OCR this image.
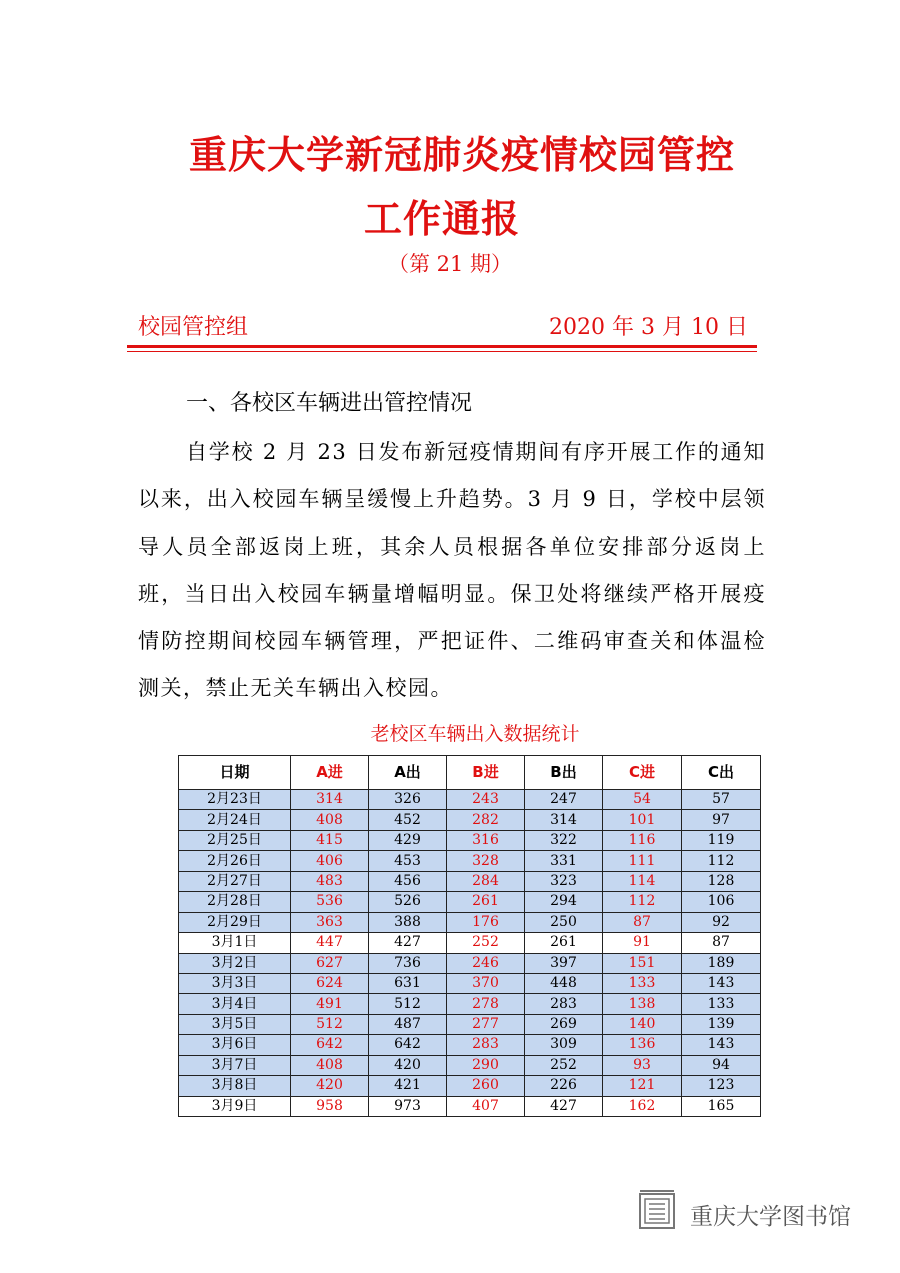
重庆大学新冠肺炎疫情校园管控
工作通报
（第 21 期）
校园管控组	2020 年 3 月 10 日
一、各校区车辆进出管控情况
自学校 2 月 23 日发布新冠疫情期间有序开展工作的通知以来，出入校园车辆呈缓慢上升趋势。3 月 9 日，学校中层领导人员全部返岗上班，其余人员根据各单位安排部分返岗上班，当日出入校园车辆量增幅明显。保卫处将继续严格开展疫情防控期间校园车辆管理，严把证件、二维码审查关和体温检测关，禁止无关车辆出入校园。
老校区车辆出入数据统计
日期	A进	A出	B进	B出	C进	C出
2月23日	314	326	243	247	54	57
2月24日	408	452	282	314	101	97
2月25日	415	429	316	322	116	119
2月26日	406	453	328	331	111	112
2月27日	483	456	284	323	114	128
2月28日	536	526	261	294	112	106
2月29日	363	388	176	250	87	92
3月1日	447	427	252	261	91	87
3月2日	627	736	246	397	151	189
3月3日	624	631	370	448	133	143
3月4日	491	512	278	283	138	133
3月5日	512	487	277	269	140	139
3月6日	642	642	283	309	136	143
3月7日	408	420	290	252	93	94
3月8日	420	421	260	226	121	123
3月9日	958	973	407	427	162	165
重庆大学图书馆
